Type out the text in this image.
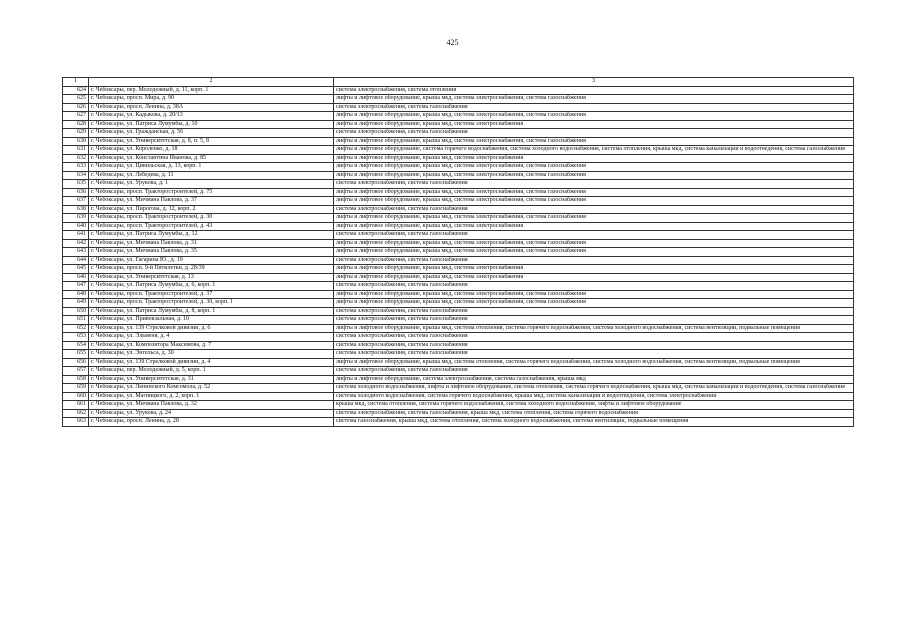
425
1	2	3
624	г. Чебоксары, пер. Молодежный, д. 11, корп. 1	система электроснабжения, система отопления
625	г. Чебоксары, просп. Мира, д. 90	лифты и лифтовое оборудование, крыша мкд, система электроснабжения, система газоснабжения
626	г. Чебоксары, просп. Ленина, д. 38А	система электроснабжения, система газоснабжения
627	г. Чебоксары, ул. Кадыкова, д. 20/13	лифты и лифтовое оборудование, крыша мкд, система электроснабжения, система газоснабжения
628	г. Чебоксары, ул. Патриса Лумумбы, д. 10	лифты и лифтовое оборудование, крыша мкд, система электроснабжения
629	г. Чебоксары, ул. Гражданская, д. 56	система электроснабжения, система газоснабжения
630	г. Чебоксары, ул. Университетская, д. 8, п. 5, 8	лифты и лифтовое оборудование, крыша мкд, система электроснабжения, система газоснабжения
631	г. Чебоксары, ул. Короленко, д. 18	лифты и лифтовое оборудование, система горячего водоснабжения, система холодного водоснабжения, система отопления, крыша мкд, система канализации и водоотведения, система газоснабжения
632	г. Чебоксары, ул. Константина Иванова, д. 85	лифты и лифтовое оборудование, крыша мкд, система электроснабжения
633	г. Чебоксары, ул. Цивильская, д. 13, корп. 1	лифты и лифтовое оборудование, крыша мкд, система электроснабжения, система газоснабжения
634	г. Чебоксары, ул. Лебедева, д. 11	лифты и лифтовое оборудование, крыша мкд, система электроснабжения, система газоснабжения
635	г. Чебоксары, ул. Урукова, д. 1	система электроснабжения, система газоснабжения
636	г. Чебоксары, просп. Тракторостроителей, д. 75	лифты и лифтовое оборудование, крыша мкд, система электроснабжения, система газоснабжения
637	г. Чебоксары, ул. Мичмана Павлова, д. 37	лифты и лифтовое оборудование, крыша мкд, система электроснабжения, система газоснабжения
638	г. Чебоксары, ул. Пирогова, д. 12, корп. 2	система электроснабжения, система газоснабжения
639	г. Чебоксары, просп. Тракторостроителей, д. 30	лифты и лифтовое оборудование, крыша мкд, система электроснабжения, система газоснабжения
640	г. Чебоксары, просп. Тракторостроителей, д. 43	лифты и лифтовое оборудование, крыша мкд, система электроснабжения
641	г. Чебоксары, ул. Патриса Лумумбы, д. 12	система электроснабжения, система газоснабжения
642	г. Чебоксары, ул. Мичмана Павлова, д. 31	лифты и лифтовое оборудование, крыша мкд, система электроснабжения, система газоснабжения
643	г. Чебоксары, ул. Мичмана Павлова, д. 35	лифты и лифтовое оборудование, крыша мкд, система электроснабжения, система газоснабжения
644	г. Чебоксары, ул. Гагарина Ю., д. 19	система электроснабжения, система газоснабжения
645	г. Чебоксары, просп. 9-й Пятилетки, д. 28/39	лифты и лифтовое оборудование, крыша мкд, система электроснабжения
646	г. Чебоксары, ул. Университетская, д. 13	лифты и лифтовое оборудование, крыша мкд, система электроснабжения
647	г. Чебоксары, ул. Патриса Лумумбы, д. 6, корп. 1	система электроснабжения, система газоснабжения
648	г. Чебоксары, просп. Тракторостроителей, д. 37	лифты и лифтовое оборудование, крыша мкд, система электроснабжения, система газоснабжения
649	г. Чебоксары, просп. Тракторостроителей, д. 30, корп. 1	лифты и лифтовое оборудование, крыша мкд, система электроснабжения, система газоснабжения
650	г. Чебоксары, ул. Патриса Лумумбы, д. 8, корп. 1	система электроснабжения, система газоснабжения
651	г. Чебоксары, ул. Привокзальная, д. 10	система электроснабжения, система газоснабжения
652	г. Чебоксары, ул. 139 Стрелковой дивизии, д. 6	лифты и лифтовое оборудование, крыша мкд, система отопления, система горячего водоснабжения, система холодного водоснабжения, система вентиляции, подвальные помещения
653	г. Чебоксары, ул. Эльменя, д. 4	система электроснабжения, система газоснабжения
654	г. Чебоксары, ул. Композитора Максимова, д. 7	система электроснабжения, система газоснабжения
655	г. Чебоксары, ул. Энгельса, д. 30	система электроснабжения, система газоснабжения
656	г. Чебоксары, ул. 139 Стрелковой дивизии, д. 4	лифты и лифтовое оборудование, крыша мкд, система отопления, система горячего водоснабжения, система холодного водоснабжения, система вентиляции, подвальные помещения
657	г. Чебоксары, пер. Молодежный, д. 5, корп. 1	система электроснабжения, система газоснабжения
658	г. Чебоксары, ул. Университетская, д. 31	лифты и лифтовое оборудование, система электроснабжения, система газоснабжения, крыша мкд
659	г. Чебоксары, ул. Ленинского Комсомола, д. 52	система холодного водоснабжения, лифты и лифтовое оборудование, система отопления, система горячего водоснабжения, крыша мкд, система канализации и водоотведения, система газоснабжения
660	г. Чебоксары, ул. Магницкого, д. 2, корп. 1	система холодного водоснабжения, система горячего водоснабжения, крыша мкд, система канализации и водоотведения, система электроснабжения
661	г. Чебоксары, ул. Мичмана Павлова, д. 32	крыша мкд, система отопления, система горячего водоснабжения, система холодного водоснабжения, лифты и лифтовое оборудование
662	г. Чебоксары, ул. Урукова, д. 24	система электроснабжения, система газоснабжения, крыша мкд, система отопления, система горячего водоснабжения
663	г. Чебоксары, просп. Ленина, д. 28	система газоснабжения, крыша мкд, система отопления, система холодного водоснабжения, система вентиляции, подвальные помещения
